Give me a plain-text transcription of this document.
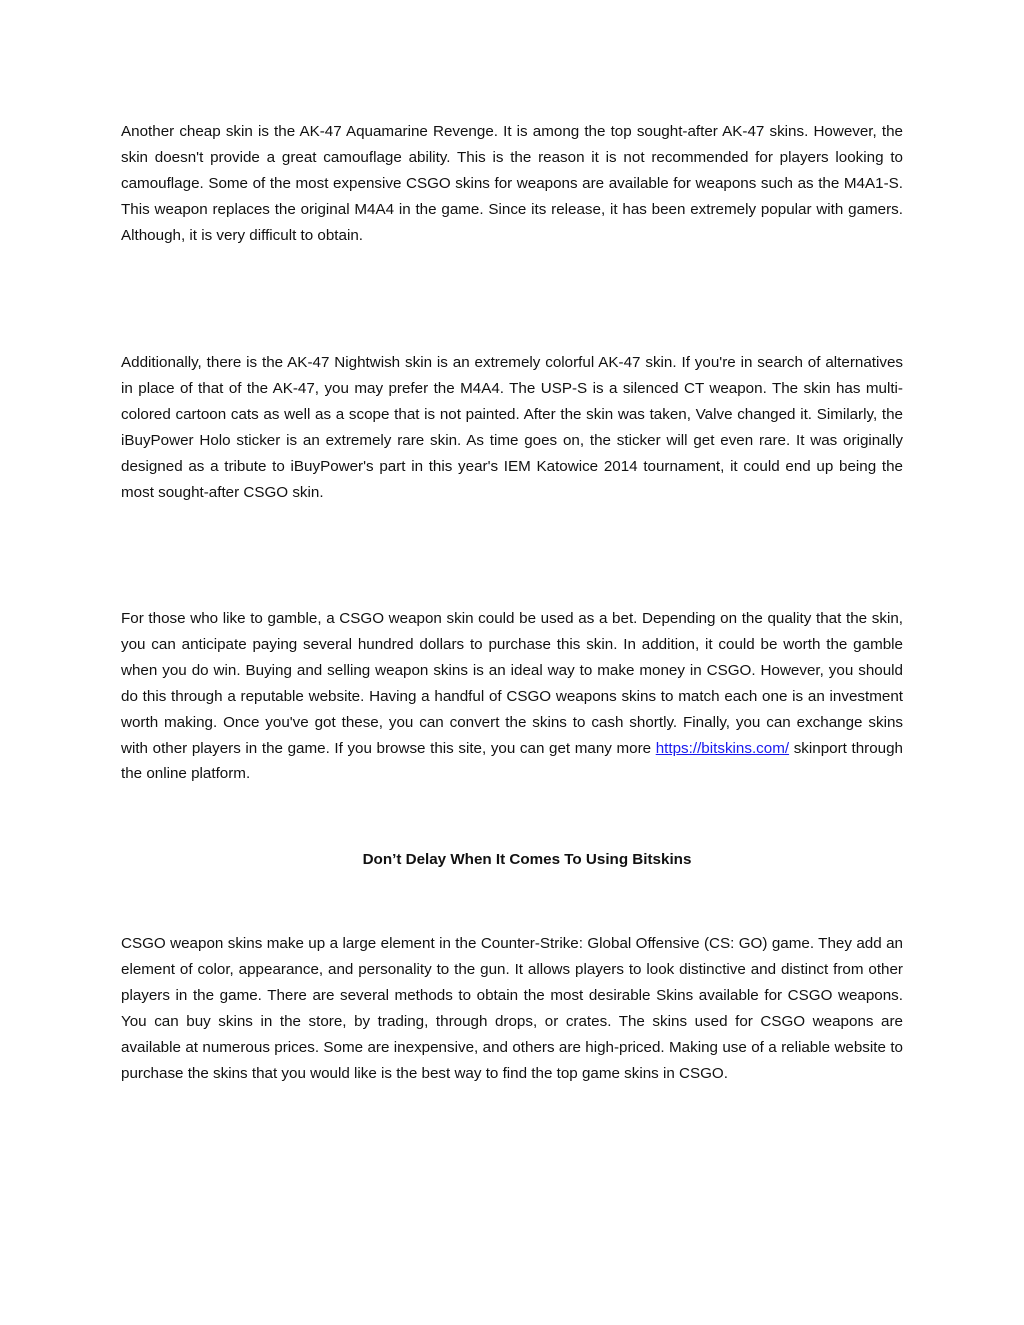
Another cheap skin is the AK-47 Aquamarine Revenge. It is among the top sought-after AK-47 skins. However, the skin doesn't provide a great camouflage ability. This is the reason it is not recommended for players looking to camouflage. Some of the most expensive CSGO skins for weapons are available for weapons such as the M4A1-S. This weapon replaces the original M4A4 in the game. Since its release, it has been extremely popular with gamers. Although, it is very difficult to obtain.

Additionally, there is the AK-47 Nightwish skin is an extremely colorful AK-47 skin. If you're in search of alternatives in place of that of the AK-47, you may prefer the M4A4. The USP-S is a silenced CT weapon. The skin has multi-colored cartoon cats as well as a scope that is not painted. After the skin was taken, Valve changed it. Similarly, the iBuyPower Holo sticker is an extremely rare skin. As time goes on, the sticker will get even rare. It was originally designed as a tribute to iBuyPower's part in this year's IEM Katowice 2014 tournament, it could end up being the most sought-after CSGO skin.

For those who like to gamble, a CSGO weapon skin could be used as a bet. Depending on the quality that the skin, you can anticipate paying several hundred dollars to purchase this skin. In addition, it could be worth the gamble when you do win. Buying and selling weapon skins is an ideal way to make money in CSGO. However, you should do this through a reputable website. Having a handful of CSGO weapons skins to match each one is an investment worth making. Once you've got these, you can convert the skins to cash shortly. Finally, you can exchange skins with other players in the game. If you browse this site, you can get many more https://bitskins.com/ skinport through the online platform.

Don’t Delay When It Comes To Using Bitskins

CSGO weapon skins make up a large element in the Counter-Strike: Global Offensive (CS: GO) game. They add an element of color, appearance, and personality to the gun. It allows players to look distinctive and distinct from other players in the game. There are several methods to obtain the most desirable Skins available for CSGO weapons. You can buy skins in the store, by trading, through drops, or crates. The skins used for CSGO weapons are available at numerous prices. Some are inexpensive, and others are high-priced. Making use of a reliable website to purchase the skins that you would like is the best way to find the top game skins in CSGO.
